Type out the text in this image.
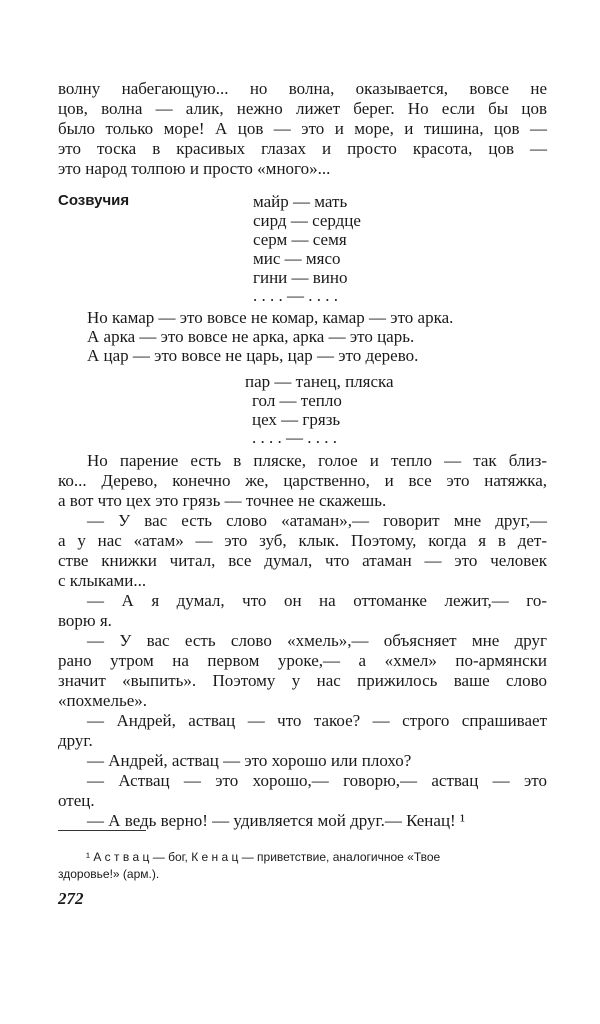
волну набегающую... но волна, оказывается, вовсе не
цов, волна — алик, нежно лижет берег. Но если бы цов
было только море! А цов — это и море, и тишина, цов —
это тоска в красивых глазах и просто красота, цов —
это народ толпою и просто «много»...
Созвучия	майр — мать
сирд — сердце
серм — семя
мис — мясо
гини — вино
. . . . — . . . .
Но камар — это вовсе не комар, камар — это арка.
А арка — это вовсе не арка, арка — это царь.
А цар — это вовсе не царь, цар — это дерево.
пар — танец, пляска
гол — тепло
цех — грязь
. . . . — . . . .
Но парение есть в пляске, голое и тепло — так близ-
ко... Дерево, конечно же, царственно, и все это натяжка,
а вот что цех это грязь — точнее не скажешь.
— У вас есть слово «атаман»,— говорит мне друг,—
а у нас «атам» — это зуб, клык. Поэтому, когда я в дет-
стве книжки читал, все думал, что атаман — это человек
с клыками...
— А я думал, что он на оттоманке лежит,— го-
ворю я.
— У вас есть слово «хмель»,— объясняет мне друг
рано утром на первом уроке,— а «хмел» по-армянски
значит «выпить». Поэтому у нас прижилось ваше слово
«похмелье».
— Андрей, аствац — что такое? — строго спрашивает
друг.
— Андрей, аствац — это хорошо или плохо?
— Аствац — это хорошо,— говорю,— аствац — это
отец.
— А ведь верно! — удивляется мой друг.— Кенац! ¹
¹ А с т в а ц — бог, К е н а ц — приветствие, аналогичное «Твое
здоровье!» (арм.).
272
